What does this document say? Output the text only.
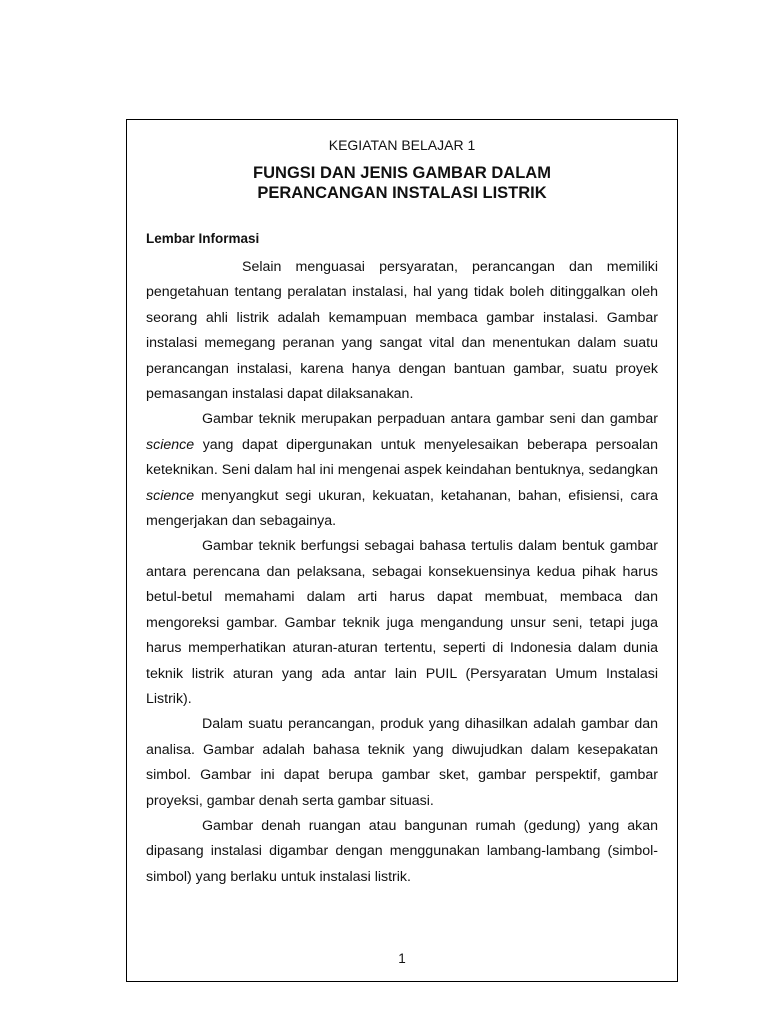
KEGIATAN BELAJAR 1

FUNGSI DAN JENIS GAMBAR DALAM
PERANCANGAN INSTALASI LISTRIK
Lembar Informasi

Selain menguasai persyaratan, perancangan dan memiliki pengetahuan tentang peralatan instalasi, hal yang tidak boleh ditinggalkan oleh seorang ahli listrik adalah kemampuan membaca gambar instalasi. Gambar instalasi memegang peranan yang sangat vital dan menentukan dalam suatu perancangan instalasi, karena hanya dengan bantuan gambar, suatu proyek pemasangan instalasi dapat dilaksanakan.

Gambar teknik merupakan perpaduan antara gambar seni dan gambar science yang dapat dipergunakan untuk menyelesaikan beberapa persoalan keteknikan. Seni dalam hal ini mengenai aspek keindahan bentuknya, sedangkan science menyangkut segi ukuran, kekuatan, ketahanan, bahan, efisiensi, cara mengerjakan dan sebagainya.

Gambar teknik berfungsi sebagai bahasa tertulis dalam bentuk gambar antara perencana dan pelaksana, sebagai konsekuensinya kedua pihak harus betul-betul memahami dalam arti harus dapat membuat, membaca dan mengoreksi gambar. Gambar teknik juga mengandung unsur seni, tetapi juga harus memperhatikan aturan-aturan tertentu, seperti di Indonesia dalam dunia teknik listrik aturan yang ada antar lain PUIL (Persyaratan Umum Instalasi Listrik).

Dalam suatu perancangan, produk yang dihasilkan adalah gambar dan analisa. Gambar adalah bahasa teknik yang diwujudkan dalam kesepakatan simbol. Gambar ini dapat berupa gambar sket, gambar perspektif, gambar proyeksi, gambar denah serta gambar situasi.

Gambar denah ruangan atau bangunan rumah (gedung) yang akan dipasang instalasi digambar dengan menggunakan lambang-lambang (simbol-simbol) yang berlaku untuk instalasi listrik.

1
